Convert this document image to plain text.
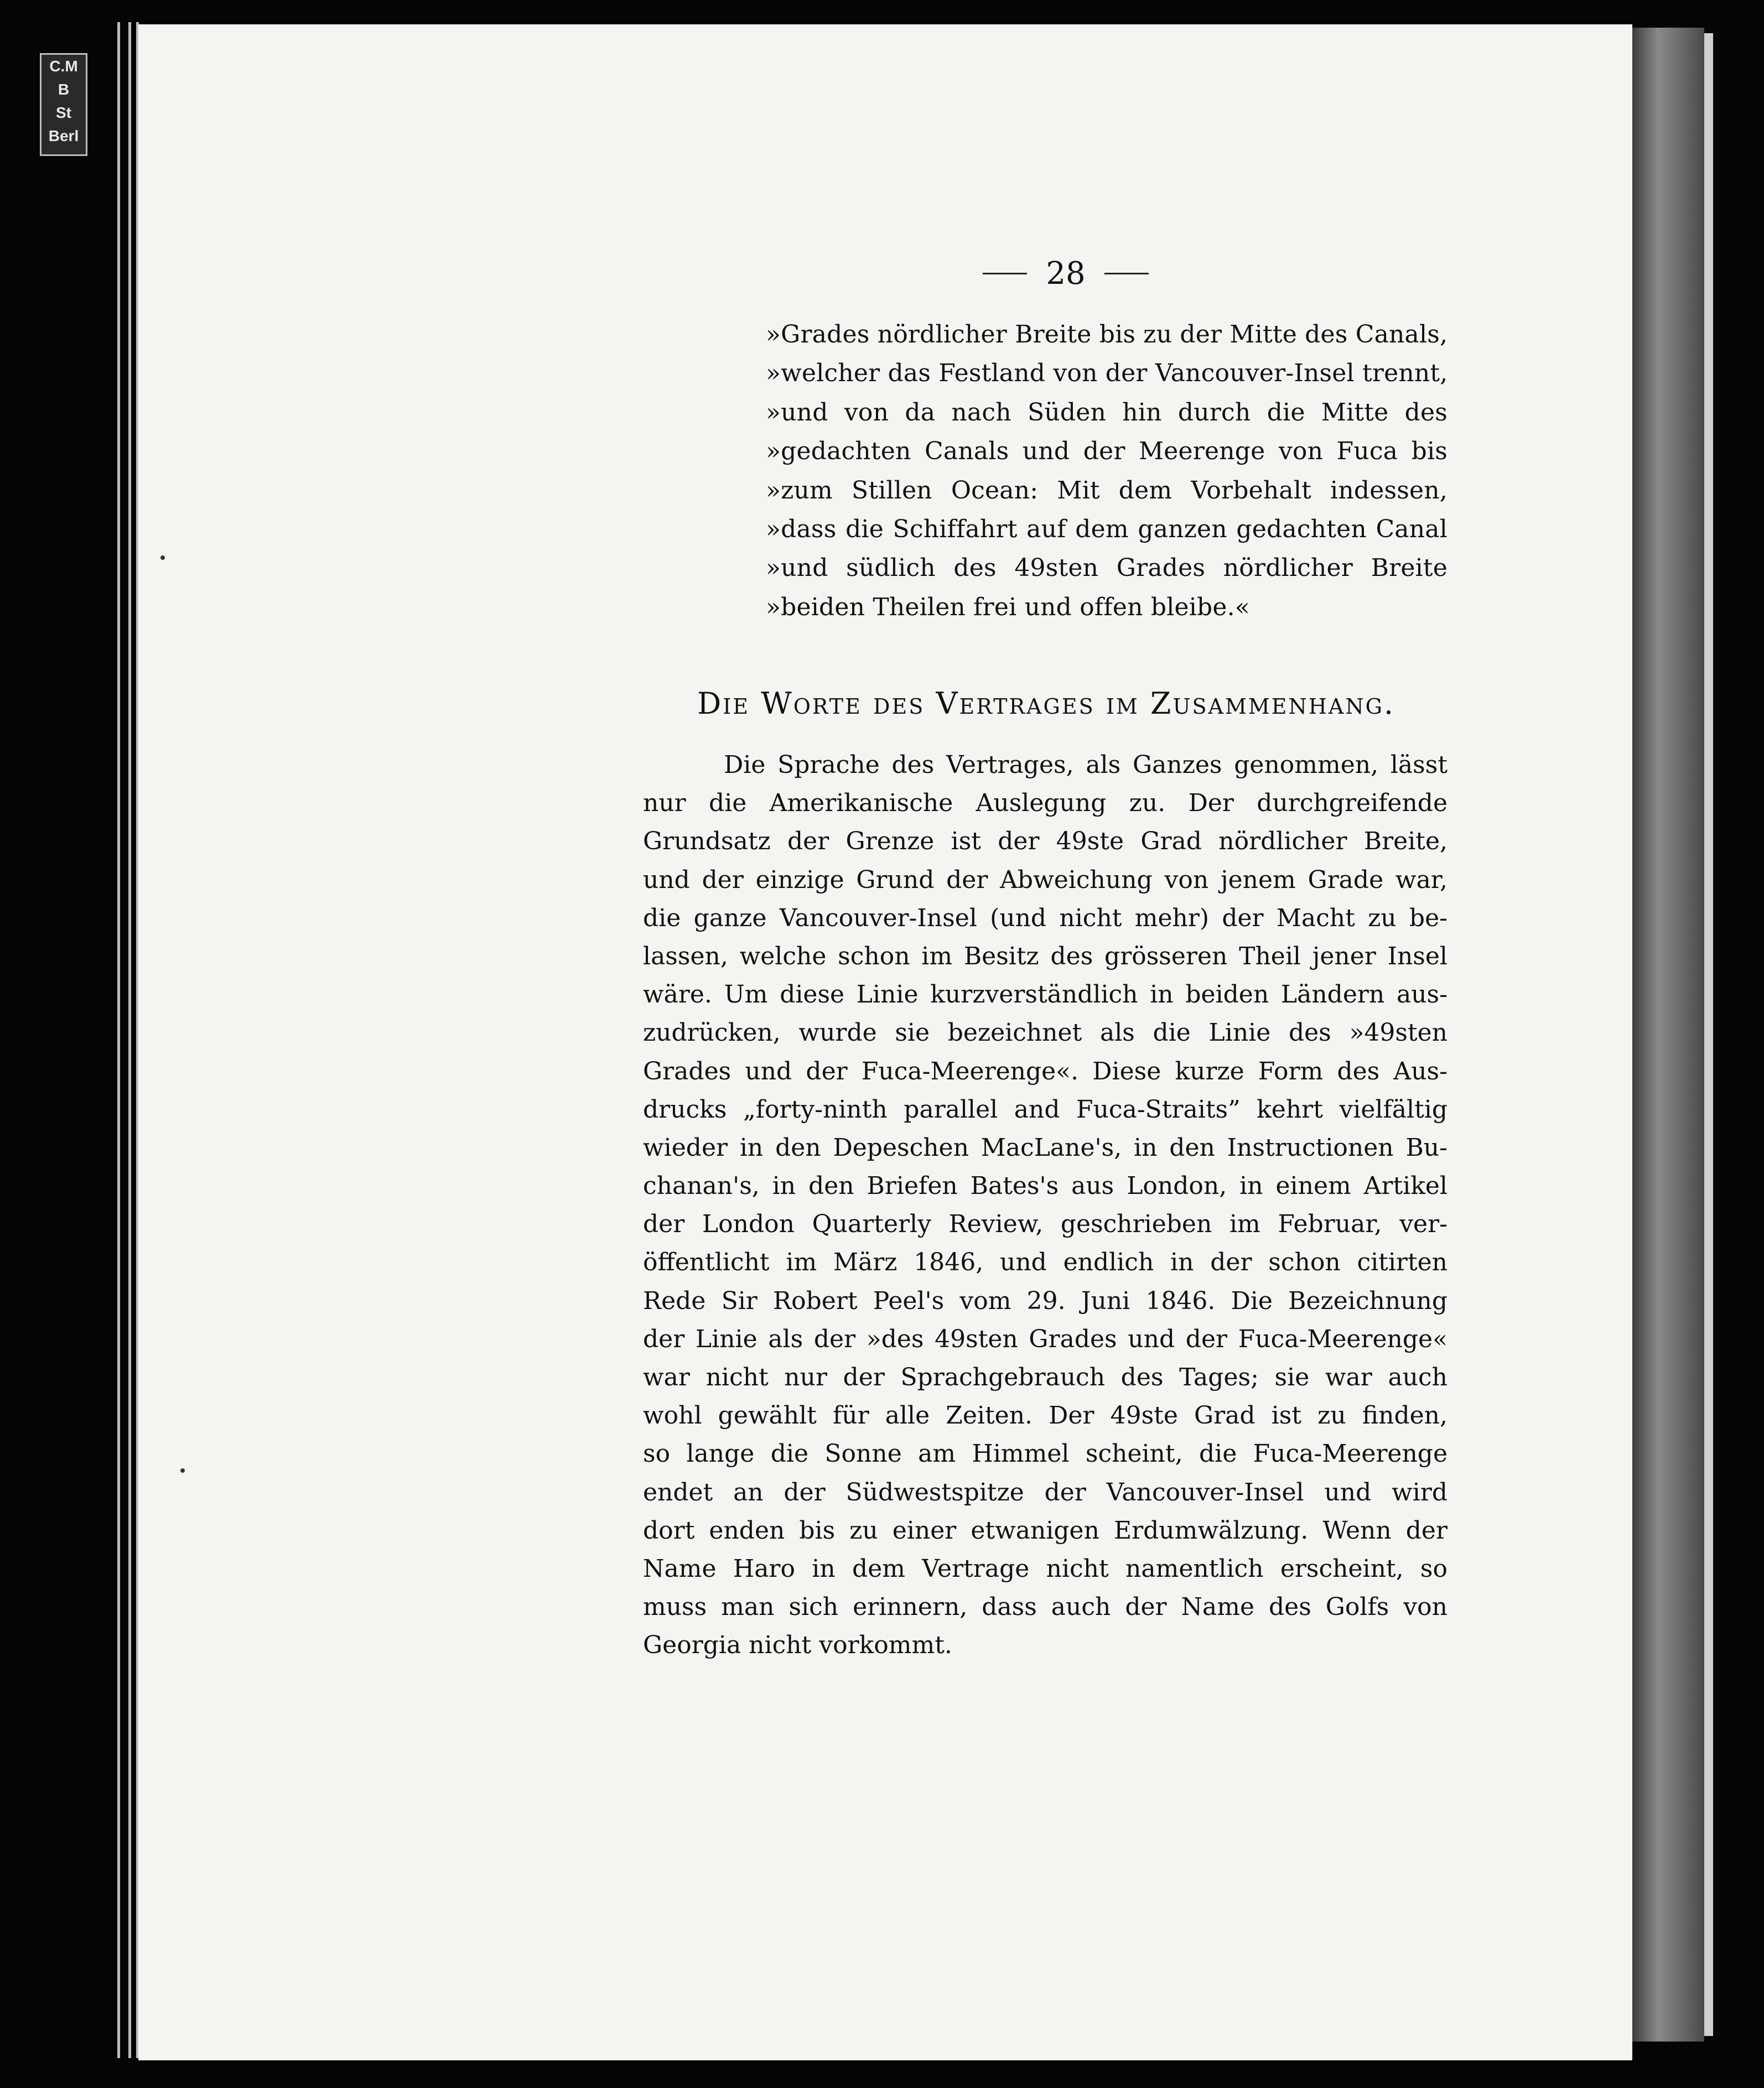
C.M
B
St
Berl
28
»Grades nördlicher Breite bis zu der Mitte des Canals,
»welcher das Festland von der Vancouver-Insel trennt,
»und von da nach Süden hin durch die Mitte des
»gedachten Canals und der Meerenge von Fuca bis
»zum Stillen Ocean: Mit dem Vorbehalt indessen,
»dass die Schiffahrt auf dem ganzen gedachten Canal
»und südlich des 49sten Grades nördlicher Breite
»beiden Theilen frei und offen bleibe.«
Die Worte des Vertrages im Zusammenhang.
Die Sprache des Vertrages, als Ganzes genommen, lässt
nur die Amerikanische Auslegung zu. Der durchgreifende
Grundsatz der Grenze ist der 49ste Grad nördlicher Breite,
und der einzige Grund der Abweichung von jenem Grade war,
die ganze Vancouver-Insel (und nicht mehr) der Macht zu be-
lassen, welche schon im Besitz des grösseren Theil jener Insel
wäre. Um diese Linie kurzverständlich in beiden Ländern aus-
zudrücken, wurde sie bezeichnet als die Linie des »49sten
Grades und der Fuca-Meerenge«. Diese kurze Form des Aus-
drucks „forty-ninth parallel and Fuca-Straits” kehrt vielfältig
wieder in den Depeschen MacLane's, in den Instructionen Bu-
chanan's, in den Briefen Bates's aus London, in einem Artikel
der London Quarterly Review, geschrieben im Februar, ver-
öffentlicht im März 1846, und endlich in der schon citirten
Rede Sir Robert Peel's vom 29. Juni 1846. Die Bezeichnung
der Linie als der »des 49sten Grades und der Fuca-Meerenge«
war nicht nur der Sprachgebrauch des Tages; sie war auch
wohl gewählt für alle Zeiten. Der 49ste Grad ist zu finden,
so lange die Sonne am Himmel scheint, die Fuca-Meerenge
endet an der Südwestspitze der Vancouver-Insel und wird
dort enden bis zu einer etwanigen Erdumwälzung. Wenn der
Name Haro in dem Vertrage nicht namentlich erscheint, so
muss man sich erinnern, dass auch der Name des Golfs von
Georgia nicht vorkommt.
